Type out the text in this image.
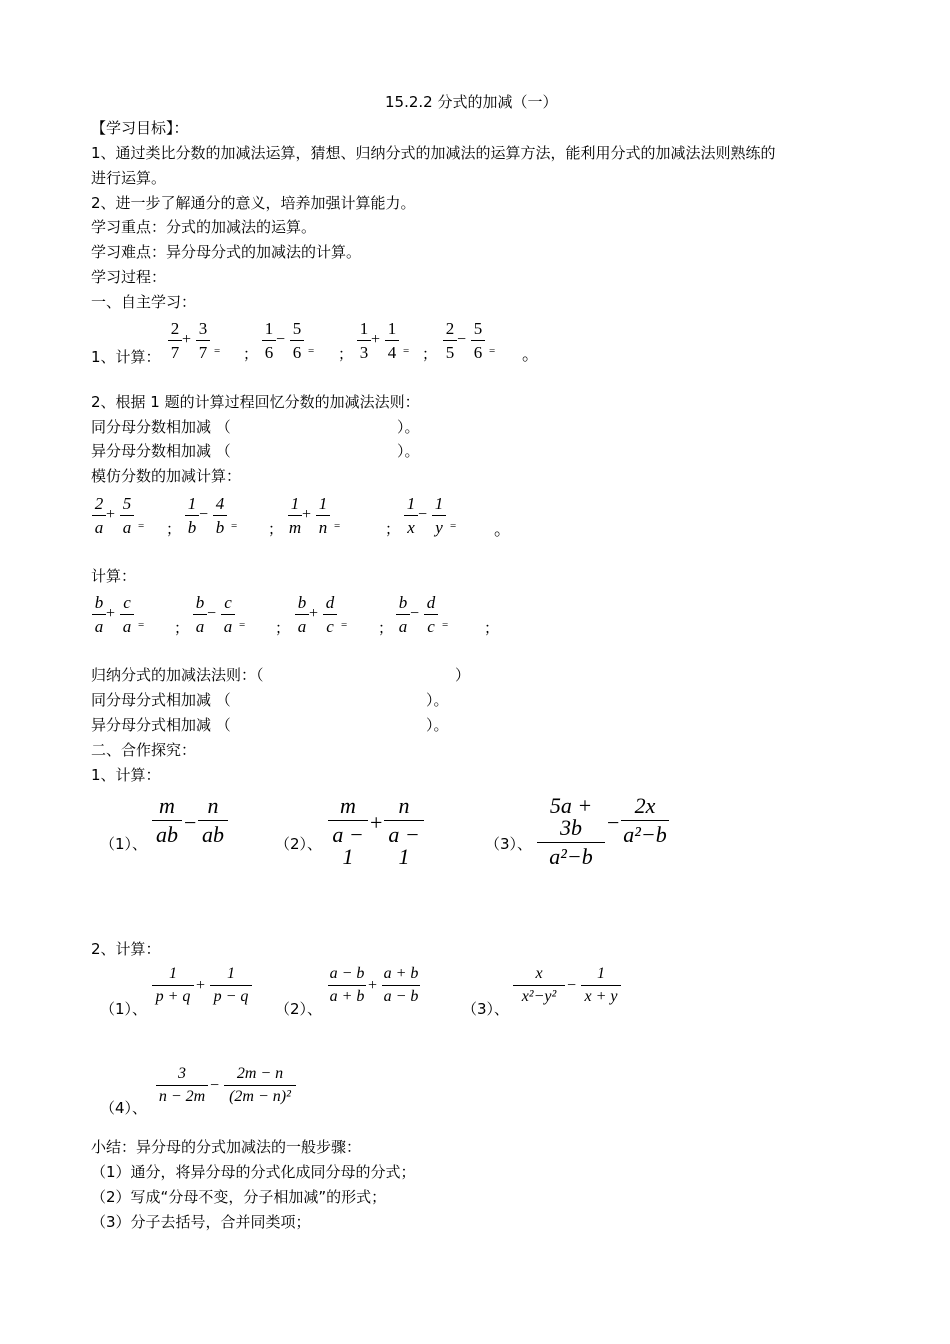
15.2.2 分式的加减（一）
【学习目标】：
1、通过类比分数的加减法运算，猜想、归纳分式的加减法的运算方法，能利用分式的加减法法则熟练的
进行运算。
2、进一步了解通分的意义，培养加强计算能力。
学习重点：分式的加减法的运算。
学习难点：异分母分式的加减法的计算。
学习过程：
一、自主学习：
1、计算：
2
7
+
3
7 = ；
1
6
−
5
6 = ；
1
3
+
1
4 = ；
2
5
−
5
6 = 。
2、根据 1 题的计算过程回忆分数的加减法法则：
同分母分数相加减 （	）。
异分母分数相加减 （	）。
模仿分数的加减计算：
2
a
+
5
a = ；
1
b
−
4
b = ；
1
m
+
1
n =	；
1
x
−
1
y = 。
计算：
b
a
+
c
a = ；
b
a
−
c
a = ；
b
a
+
d
c = ；
b
a
−
d
c = ；
归纳分式的加减法法则：（	）
同分母分式相加减 （	）。
异分母分式相加减 （	）。
二、合作探究：
1、计算：
（1）、
m
ab −
n
ab	（2）、
m
a − 1
+
n
a − 1	（3）、
5a + 3b
a²−b
−
2x
a²−b
2、计算：
（1）、
1
p + q
+
1
p − q
（2）、
a − b
a + b
+
a + b
a − b
（3）、
x
x²−y²
−
1
x + y
（4）、
3
n − 2m
−
2m − n
(2m − n)²
小结：异分母的分式加减法的一般步骤：
（1）通分，将异分母的分式化成同分母的分式；
（2）写成“分母不变，分子相加减”的形式；
（3）分子去括号，合并同类项；
